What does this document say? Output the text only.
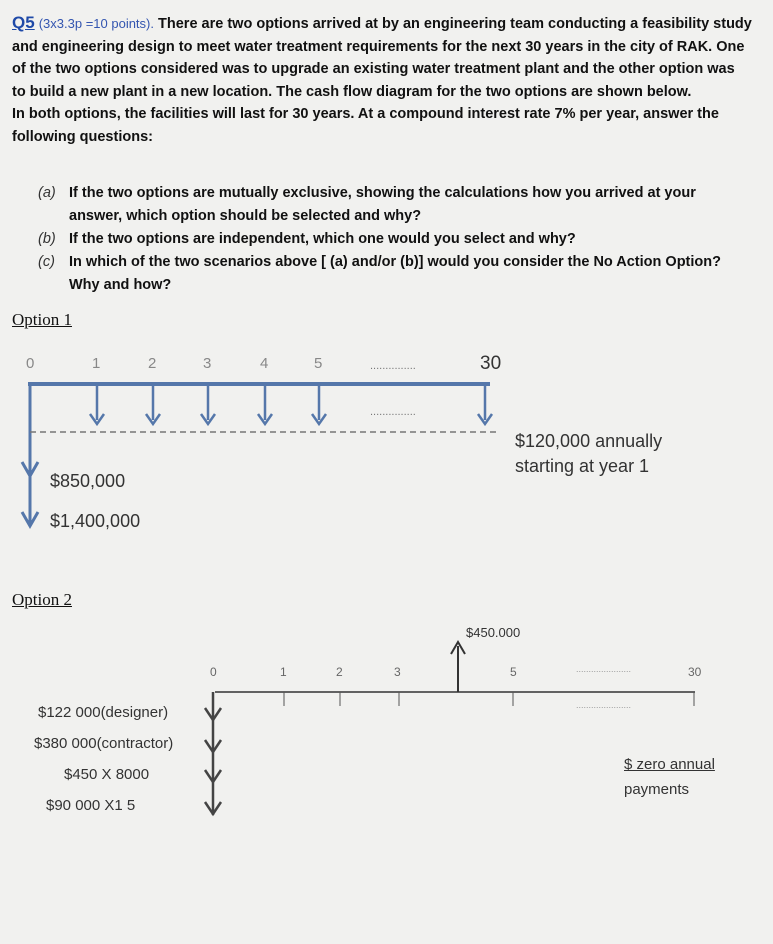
Q5 (3x3.3p =10 points). There are two options arrived at by an engineering team conducting a feasibility study and engineering design to meet water treatment requirements for the next 30 years in the city of RAK. One of the two options considered was to upgrade an existing water treatment plant and the other option was to build a new plant in a new location. The cash flow diagram for the two options are shown below.
In both options, the facilities will last for 30 years. At a compound interest rate 7% per year, answer the following questions:
(a) If the two options are mutually exclusive, showing the calculations how you arrived at your answer, which option should be selected and why?
(b) If the two options are independent, which one would you select and why?
(c) In which of the two scenarios above [ (a) and/or (b)] would you consider the No Action Option? Why and how?
Option 1
0	1	2	3	4	5	...............	30
...............
$850,000
$1,400,000
$120,000 annually
starting at year 1
Option 2
$450.000
0	1	2	3	5	......................
......................
30
$122 000(designer)
$380 000(contractor)
$450 X 8000
$90 000 X1 5
$ zero annual
payments
